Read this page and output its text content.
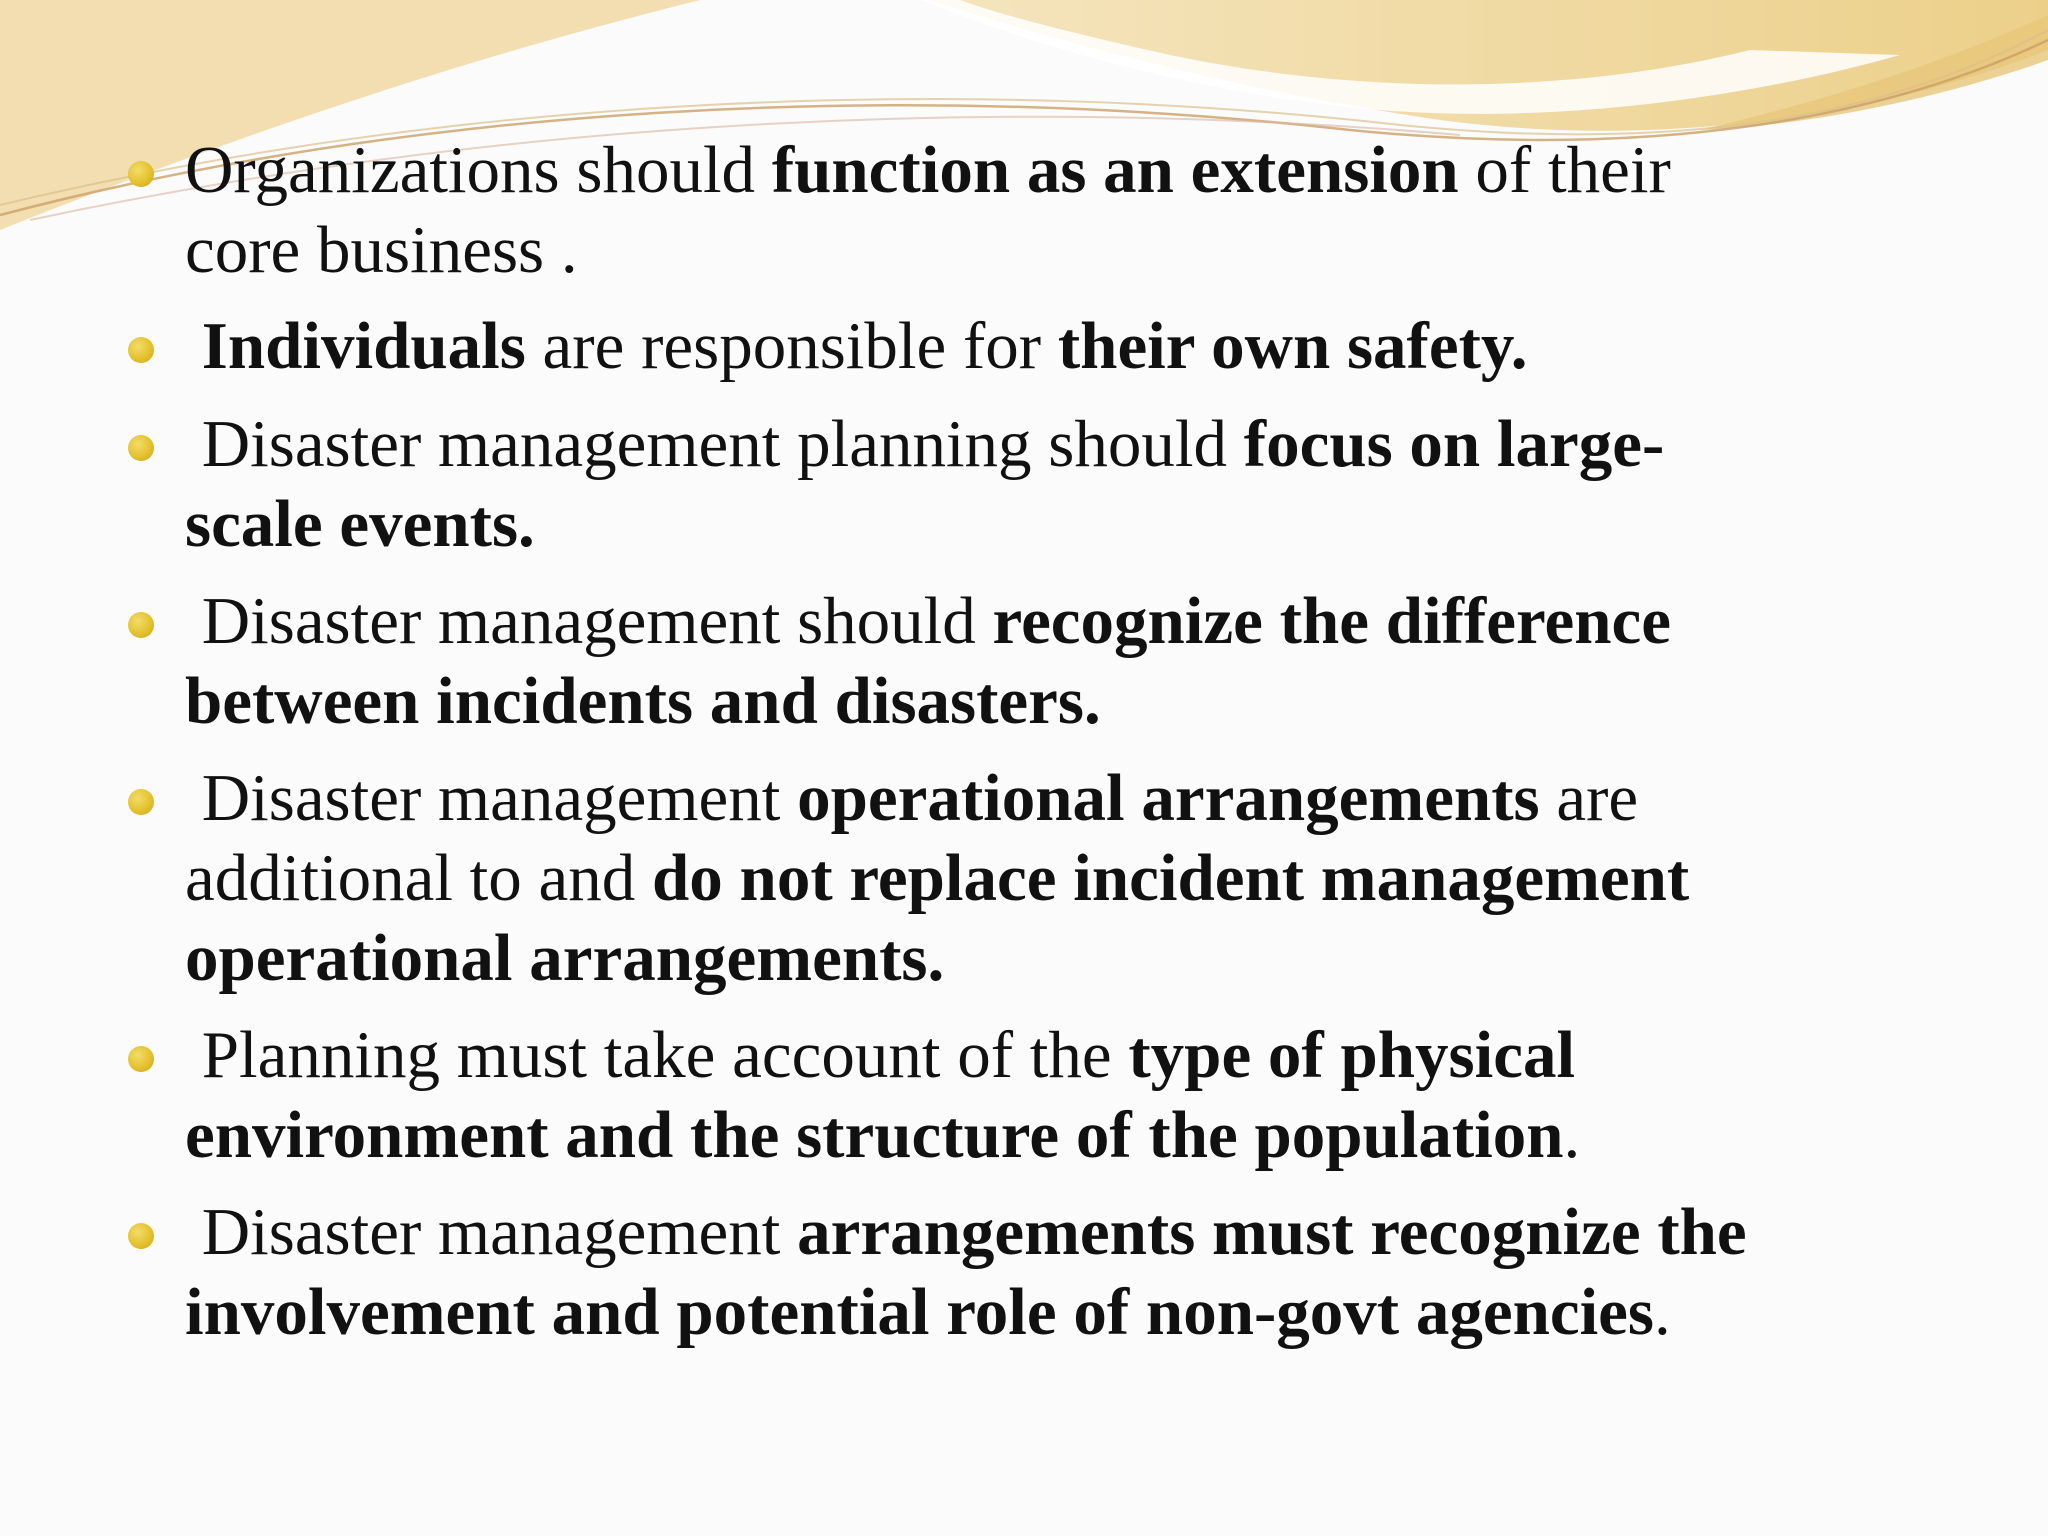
Organizations should function as an extension of their
core business .
Individuals are responsible for their own safety.
Disaster management planning should focus on large-
scale events.
Disaster management should recognize the difference
between incidents and disasters.
Disaster management operational arrangements are
additional to and do not replace incident management
operational arrangements.
Planning must take account of the type of physical
environment and the structure of the population.
Disaster management arrangements must recognize the
involvement and potential role of non-govt agencies.
